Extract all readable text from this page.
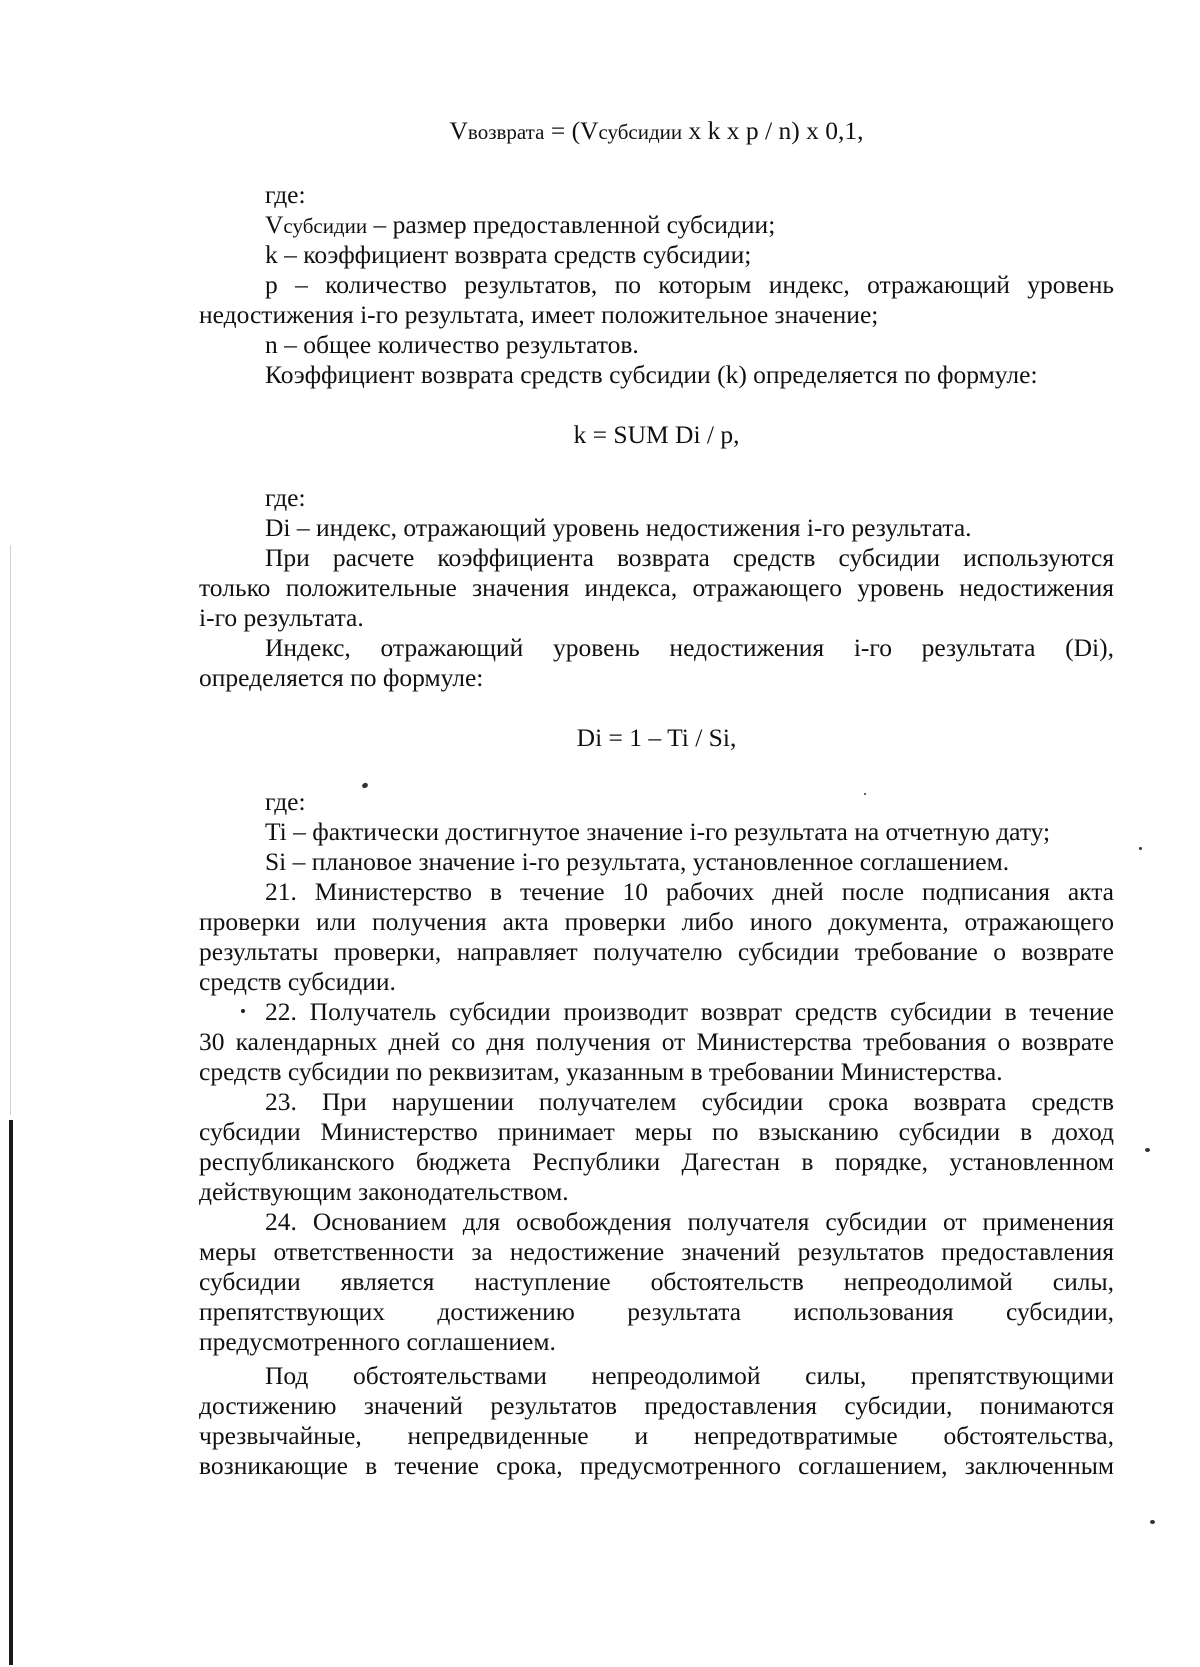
Vвозврата = (Vсубсидии x k x p / n) x 0,1,
где:
Vсубсидии – размер предоставленной субсидии;
k – коэффициент возврата средств субсидии;
p – количество результатов, по которым индекс, отражающий уровень
недостижения i-го результата, имеет положительное значение;
n – общее количество результатов.
Коэффициент возврата средств субсидии (k) определяется по формуле:
k = SUM Di / p,
где:
Di – индекс, отражающий уровень недостижения i-го результата.
При расчете коэффициента возврата средств субсидии используются
только положительные значения индекса, отражающего уровень недостижения
i-го результата.
Индекс, отражающий уровень недостижения i-го результата (Di),
определяется по формуле:
Di = 1 – Ti / Si,
где:
Ti – фактически достигнутое значение i-го результата на отчетную дату;
Si – плановое значение i-го результата, установленное соглашением.
21. Министерство в течение 10 рабочих дней после подписания акта
проверки или получения акта проверки либо иного документа, отражающего
результаты проверки, направляет получателю субсидии требование о возврате
средств субсидии.
22. Получатель субсидии производит возврат средств субсидии в течение
30 календарных дней со дня получения от Министерства требования о возврате
средств субсидии по реквизитам, указанным в требовании Министерства.
23. При нарушении получателем субсидии срока возврата средств
субсидии Министерство принимает меры по взысканию субсидии в доход
республиканского бюджета Республики Дагестан в порядке, установленном
действующим законодательством.
24. Основанием для освобождения получателя субсидии от применения
меры ответственности за недостижение значений результатов предоставления
субсидии является наступление обстоятельств непреодолимой силы,
препятствующих достижению результата использования субсидии,
предусмотренного соглашением.
Под обстоятельствами непреодолимой силы, препятствующими
достижению значений результатов предоставления субсидии, понимаются
чрезвычайные, непредвиденные и непредотвратимые обстоятельства,
возникающие в течение срока, предусмотренного соглашением, заключенным
